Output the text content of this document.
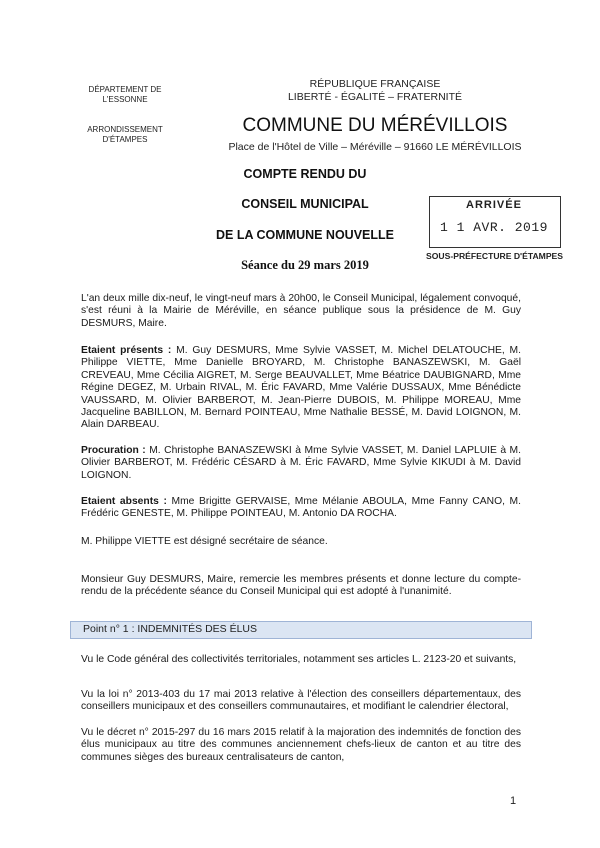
DÉPARTEMENT DE
L'ESSONNE
ARRONDISSEMENT
D'ÉTAMPES
RÉPUBLIQUE FRANÇAISE
LIBERTÉ - ÉGALITÉ – FRATERNITÉ
COMMUNE DU MÉRÉVILLOIS
Place de l'Hôtel de Ville – Méréville – 91660 LE MÉRÉVILLOIS
COMPTE RENDU DU
CONSEIL MUNICIPAL
DE LA COMMUNE NOUVELLE
Séance du 29 mars 2019
ARRIVÉE
1 1 AVR. 2019
SOUS-PRÉFECTURE D'ÉTAMPES
L'an deux mille dix-neuf, le vingt-neuf mars à 20h00, le Conseil Municipal, légalement convoqué, s'est réuni à la Mairie de Méréville, en séance publique sous la présidence de M. Guy DESMURS, Maire.
Etaient présents : M. Guy DESMURS, Mme Sylvie VASSET, M. Michel DELATOUCHE, M. Philippe VIETTE, Mme Danielle BROYARD, M. Christophe BANASZEWSKI, M. Gaël CREVEAU, Mme Cécilia AIGRET, M. Serge BEAUVALLET, Mme Béatrice DAUBIGNARD, Mme Régine DEGEZ, M. Urbain RIVAL, M. Éric FAVARD, Mme Valérie DUSSAUX, Mme Bénédicte VAUSSARD, M. Olivier BARBEROT, M. Jean-Pierre DUBOIS, M. Philippe MOREAU, Mme Jacqueline BABILLON, M. Bernard POINTEAU, Mme Nathalie BESSÉ, M. David LOIGNON, M. Alain DARBEAU.
Procuration : M. Christophe BANASZEWSKI à Mme Sylvie VASSET, M. Daniel LAPLUIE à M. Olivier BARBEROT, M. Frédéric CÉSARD à M. Éric FAVARD, Mme Sylvie KIKUDI à M. David LOIGNON.
Etaient absents : Mme Brigitte GERVAISE, Mme Mélanie ABOULA, Mme Fanny CANO, M. Frédéric GENESTE, M. Philippe POINTEAU, M. Antonio DA ROCHA.
M. Philippe VIETTE est désigné secrétaire de séance.
Monsieur Guy DESMURS, Maire, remercie les membres présents et donne lecture du compte-rendu de la précédente séance du Conseil Municipal qui est adopté à l'unanimité.
Point n° 1 : INDEMNITÉS DES ÉLUS
Vu le Code général des collectivités territoriales, notamment ses articles L. 2123-20 et suivants,
Vu la loi n° 2013-403 du 17 mai 2013 relative à l'élection des conseillers départementaux, des conseillers municipaux et des conseillers communautaires, et modifiant le calendrier électoral,
Vu le décret n° 2015-297 du 16 mars 2015 relatif à la majoration des indemnités de fonction des élus municipaux au titre des communes anciennement chefs-lieux de canton et au titre des communes sièges des bureaux centralisateurs de canton,
1
